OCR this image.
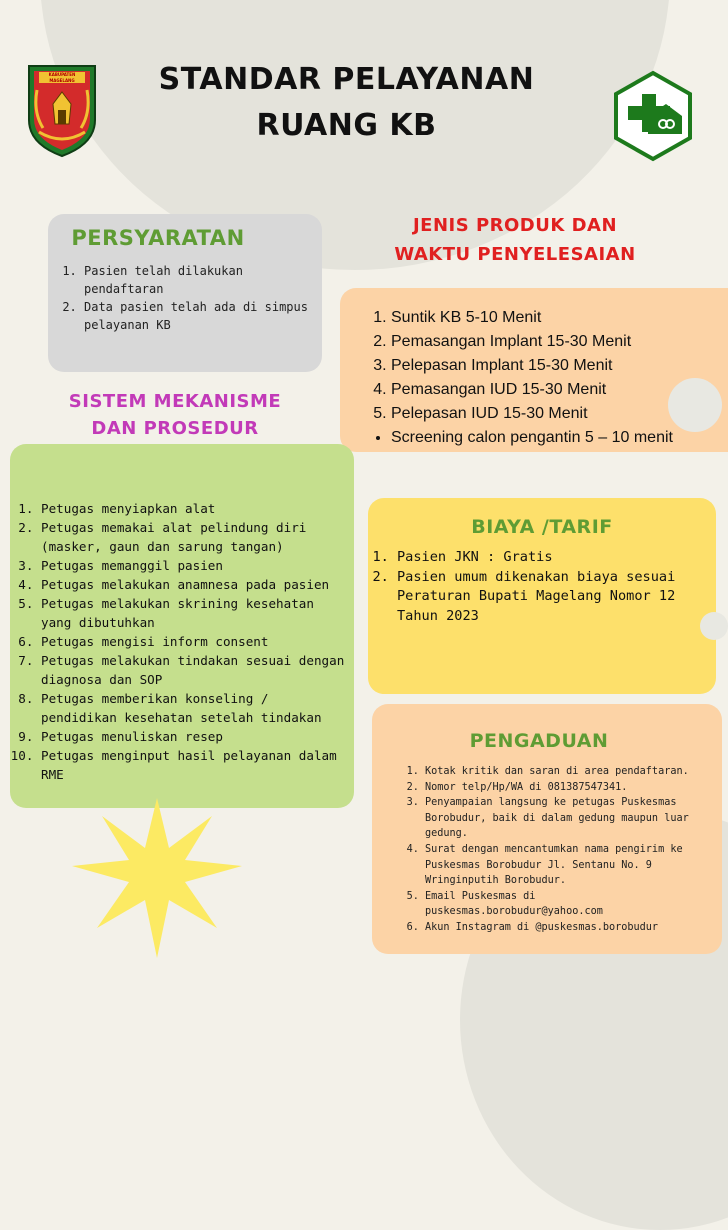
KABUPATEN
MAGELANG	STANDAR PELAYANAN
RUANG KB
PERSYARATAN
1. Pasien telah dilakukan pendaftaran
2. Data pasien telah ada di simpus pelayanan KB
JENIS PRODUK DAN
WAKTU PENYELESAIAN
1. Suntik KB 5-10 Menit
2. Pemasangan Implant 15-30 Menit
3. Pelepasan Implant 15-30 Menit
4. Pemasangan IUD 15-30 Menit
5. Pelepasan IUD 15-30 Menit
• Screening calon pengantin 5 – 10 menit
SISTEM MEKANISME
DAN PROSEDUR
1. Petugas menyiapkan alat
2. Petugas memakai alat pelindung diri (masker, gaun dan sarung tangan)
3. Petugas memanggil pasien
4. Petugas melakukan anamnesa pada pasien
5. Petugas melakukan skrining kesehatan yang dibutuhkan
6. Petugas mengisi inform consent
7. Petugas melakukan tindakan sesuai dengan diagnosa dan SOP
8. Petugas memberikan konseling / pendidikan kesehatan setelah tindakan
9. Petugas menuliskan resep
10. Petugas menginput hasil pelayanan dalam RME
BIAYA /TARIF
1. Pasien JKN : Gratis
2. Pasien umum dikenakan biaya sesuai Peraturan Bupati Magelang Nomor 12 Tahun 2023
PENGADUAN
1. Kotak kritik dan saran di area pendaftaran.
2. Nomor telp/Hp/WA di 081387547341.
3. Penyampaian langsung ke petugas Puskesmas Borobudur, baik di dalam gedung maupun luar gedung.
4. Surat dengan mencantumkan nama pengirim ke Puskesmas Borobudur Jl. Sentanu No. 9 Wringinputih Borobudur.
5. Email Puskesmas di puskesmas.borobudur@yahoo.com
6. Akun Instagram di @puskesmas.borobudur
